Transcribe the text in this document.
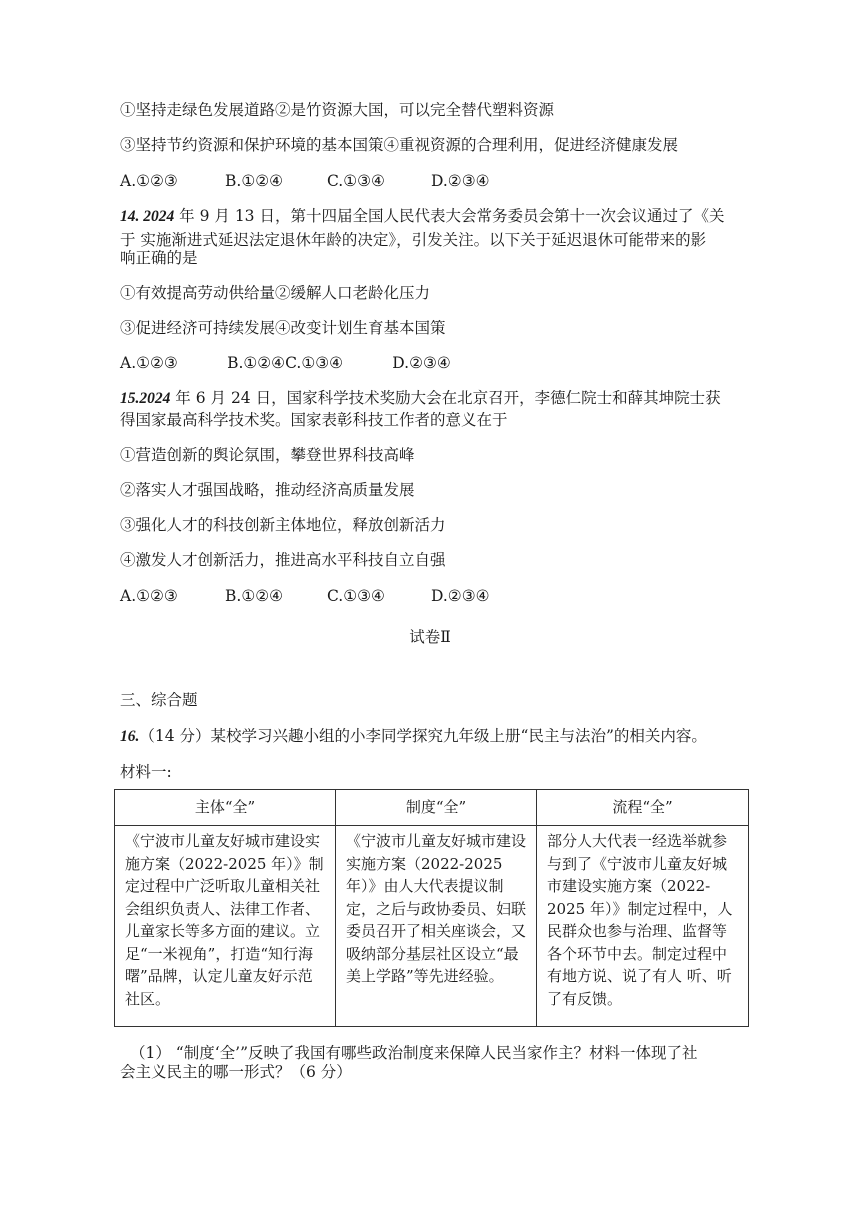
①坚持走绿色发展道路②是竹资源大国，可以完全替代塑料资源
③坚持节约资源和保护环境的基本国策④重视资源的合理利用，促进经济健康发展
A.①②③	B.①②④	C.①③④	D.②③④
14. 2024 年 9 月 13 日，第十四届全国人民代表大会常务委员会第十一次会议通过了《关
于 实施渐进式延迟法定退休年龄的决定》，引发关注。以下关于延迟退休可能带来的影
响正确的是
①有效提高劳动供给量②缓解人口老龄化压力
③促进经济可持续发展④改变计划生育基本国策
A.①②③          B.①②④C.①③④          D.②③④
15.2024 年 6 月 24 日，国家科学技术奖励大会在北京召开，李德仁院士和薛其坤院士获
得国家最高科学技术奖。国家表彰科技工作者的意义在于
①营造创新的舆论氛围，攀登世界科技高峰
②落实人才强国战略，推动经济高质量发展
③强化人才的科技创新主体地位，释放创新活力
④激发人才创新活力，推进高水平科技自立自强
A.①②③	B.①②④	C.①③④	D.②③④
试卷Ⅱ
三、综合题
16.（14 分）某校学习兴趣小组的小李同学探究九年级上册“民主与法治”的相关内容。
材料一:
主体“全”	制度“全”	流程“全”

《宁波市儿童友好城市建设实施方案（2022-2025 年）》制定过程中广泛听取儿童相关社会组织负责人、法律工作者、儿童家长等多方面的建议。立足“一米视角”，打造“知行海曙”品牌，认定儿童友好示范社区。	《宁波市儿童友好城市建设实施方案（2022-2025 年）》由人大代表提议制定，之后与政协委员、妇联委员召开了相关座谈会，又吸纳部分基层社区设立“最美上学路”等先进经验。	部分人大代表一经选举就参与到了《宁波市儿童友好城市建设实施方案（2022-2025 年）》制定过程中，人民群众也参与治理、监督等各个环节中去。制定过程中有地方说、说了有人 听、听了有反馈。
（1） “制度‘全’”反映了我国有哪些政治制度来保障人民当家作主？材料一体现了社
会主义民主的哪一形式？（6 分）
